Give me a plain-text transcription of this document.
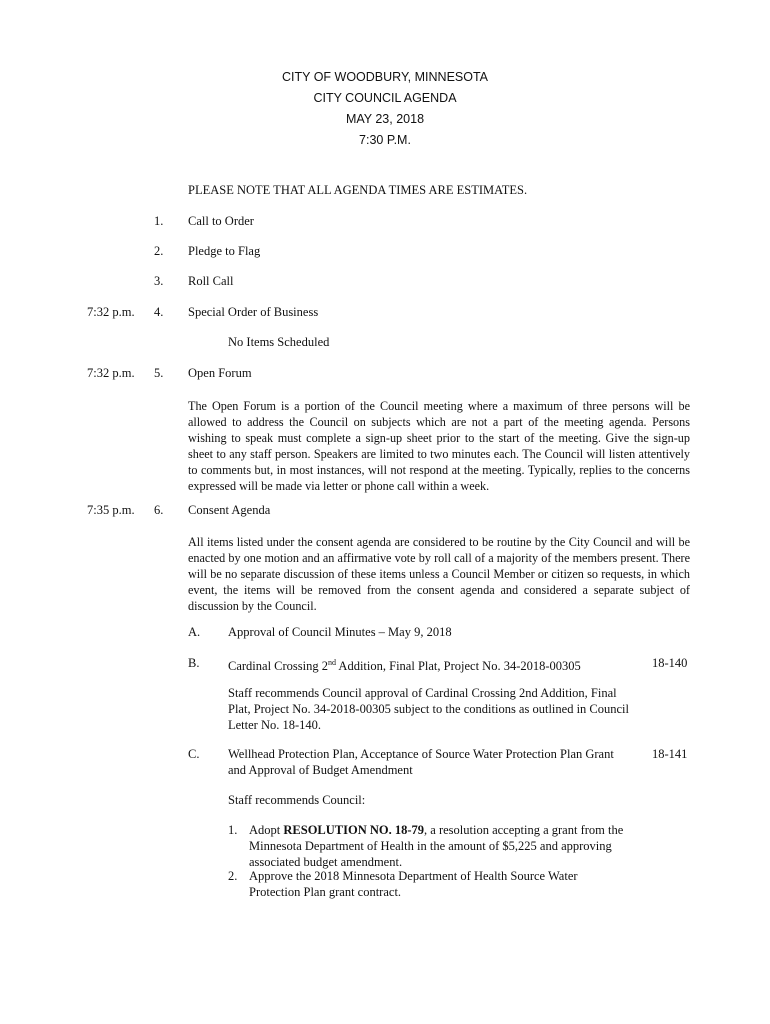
CITY OF WOODBURY, MINNESOTA
CITY COUNCIL AGENDA
MAY 23, 2018
7:30 P.M.
PLEASE NOTE THAT ALL AGENDA TIMES ARE ESTIMATES.
1. Call to Order
2. Pledge to Flag
3. Roll Call
7:32 p.m. 4. Special Order of Business
No Items Scheduled
7:32 p.m. 5. Open Forum
The Open Forum is a portion of the Council meeting where a maximum of three persons will be allowed to address the Council on subjects which are not a part of the meeting agenda. Persons wishing to speak must complete a sign-up sheet prior to the start of the meeting. Give the sign-up sheet to any staff person. Speakers are limited to two minutes each. The Council will listen attentively to comments but, in most instances, will not respond at the meeting. Typically, replies to the concerns expressed will be made via letter or phone call within a week.
7:35 p.m. 6. Consent Agenda
All items listed under the consent agenda are considered to be routine by the City Council and will be enacted by one motion and an affirmative vote by roll call of a majority of the members present. There will be no separate discussion of these items unless a Council Member or citizen so requests, in which event, the items will be removed from the consent agenda and considered a separate subject of discussion by the Council.
A. Approval of Council Minutes – May 9, 2018
B. Cardinal Crossing 2nd Addition, Final Plat, Project No. 34-2018-00305	18-140
Staff recommends Council approval of Cardinal Crossing 2nd Addition, Final Plat, Project No. 34-2018-00305 subject to the conditions as outlined in Council Letter No. 18-140.
C. Wellhead Protection Plan, Acceptance of Source Water Protection Plan Grant and Approval of Budget Amendment
18-141
Staff recommends Council:
1. Adopt RESOLUTION NO. 18-79, a resolution accepting a grant from the Minnesota Department of Health in the amount of $5,225 and approving associated budget amendment.
2. Approve the 2018 Minnesota Department of Health Source Water Protection Plan grant contract.
